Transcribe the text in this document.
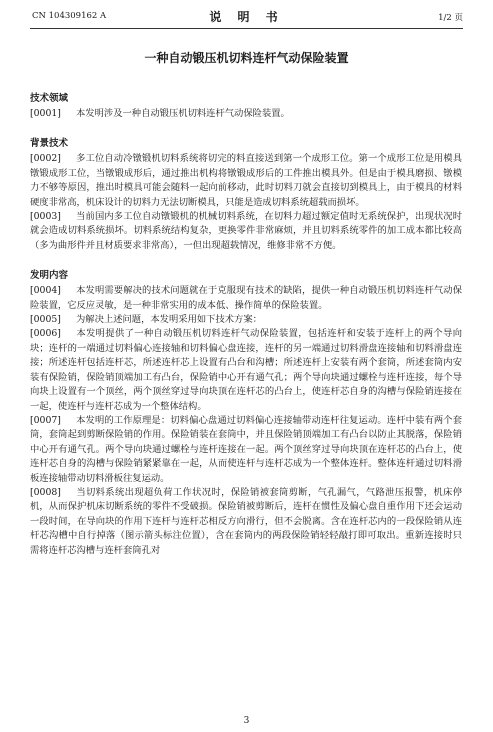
CN 104309162 A	说 明 书	1/2 页
一种自动锻压机切料连杆气动保险装置
技术领域

[0001] 本发明涉及一种自动锻压机切料连杆气动保险装置。

背景技术

[0002] 多工位自动冷镦锻机切料系统将切完的料直接送到第一个成形工位。第一个成形工位是用模具镦锻成形工位，当镦锻成形后，通过推出机构将镦锻成形后的工件推出模具外。但是由于模具磨损、镦模力不够等原因，推出时模具可能会随料一起向前移动，此时切料刀就会直接切到模具上，由于模具的材料硬度非常高，机床设计的切料力无法切断模具，只能是造成切料系统超载而损坏。

[0003] 当前国内多工位自动镦锻机的机械切料系统，在切料力超过额定值时无系统保护，出现状况时就会造成切料系统损坏。切料系统结构复杂，更换零件非常麻烦，并且切料系统零件的加工成本都比较高（多为曲形件并且材质要求非常高），一但出现超载情况，维修非常不方便。

发明内容

[0004] 本发明需要解决的技术问题就在于克服现有技术的缺陷，提供一种自动锻压机切料连杆气动保险装置，它反应灵敏，是一种非常实用的成本低、操作简单的保险装置。

[0005] 为解决上述问题，本发明采用如下技术方案：

[0006] 本发明提供了一种自动锻压机切料连杆气动保险装置，包括连杆和安装于连杆上的两个导向块；连杆的一端通过切料偏心连接轴和切料偏心盘连接，连杆的另一端通过切料滑盘连接轴和切料滑盘连接；所述连杆包括连杆芯，所述连杆芯上设置有凸台和沟槽；所述连杆上安装有两个套筒，所述套筒内安装有保险销，保险销顶端加工有凸台，保险销中心开有通气孔；两个导向块通过螺栓与连杆连接，每个导向块上设置有一个顶丝，两个顶丝穿过导向块顶在连杆芯的凸台上，使连杆芯自身的沟槽与保险销连接在一起，使连杆与连杆芯成为一个整体结构。

[0007] 本发明的工作原理是：切料偏心盘通过切料偏心连接轴带动连杆往复运动。连杆中装有两个套筒，套筒起到剪断保险销的作用。保险销装在套筒中，并且保险销顶端加工有凸台以防止其脱落，保险销中心开有通气孔。两个导向块通过螺栓与连杆连接在一起。两个顶丝穿过导向块顶在连杆芯的凸台上，使连杆芯自身的沟槽与保险销紧紧靠在一起，从而使连杆与连杆芯成为一个整体连杆。整体连杆通过切料滑板连接轴带动切料滑板往复运动。

[0008] 当切料系统出现超负荷工作状况时，保险销被套筒剪断，气孔漏气，气路泄压报警，机床停机，从而保护机床切断系统的零件不受破损。保险销被剪断后，连杆在惯性及偏心盘自重作用下还会运动一段时间，在导向块的作用下连杆与连杆芯相反方向滑行，但不会脱离。含在连杆芯内的一段保险销从连杆芯沟槽中自行掉落（图示箭头标注位置），含在套筒内的两段保险销轻轻敲打即可取出。重新连接时只需将连杆芯沟槽与连杆套筒孔对

3
